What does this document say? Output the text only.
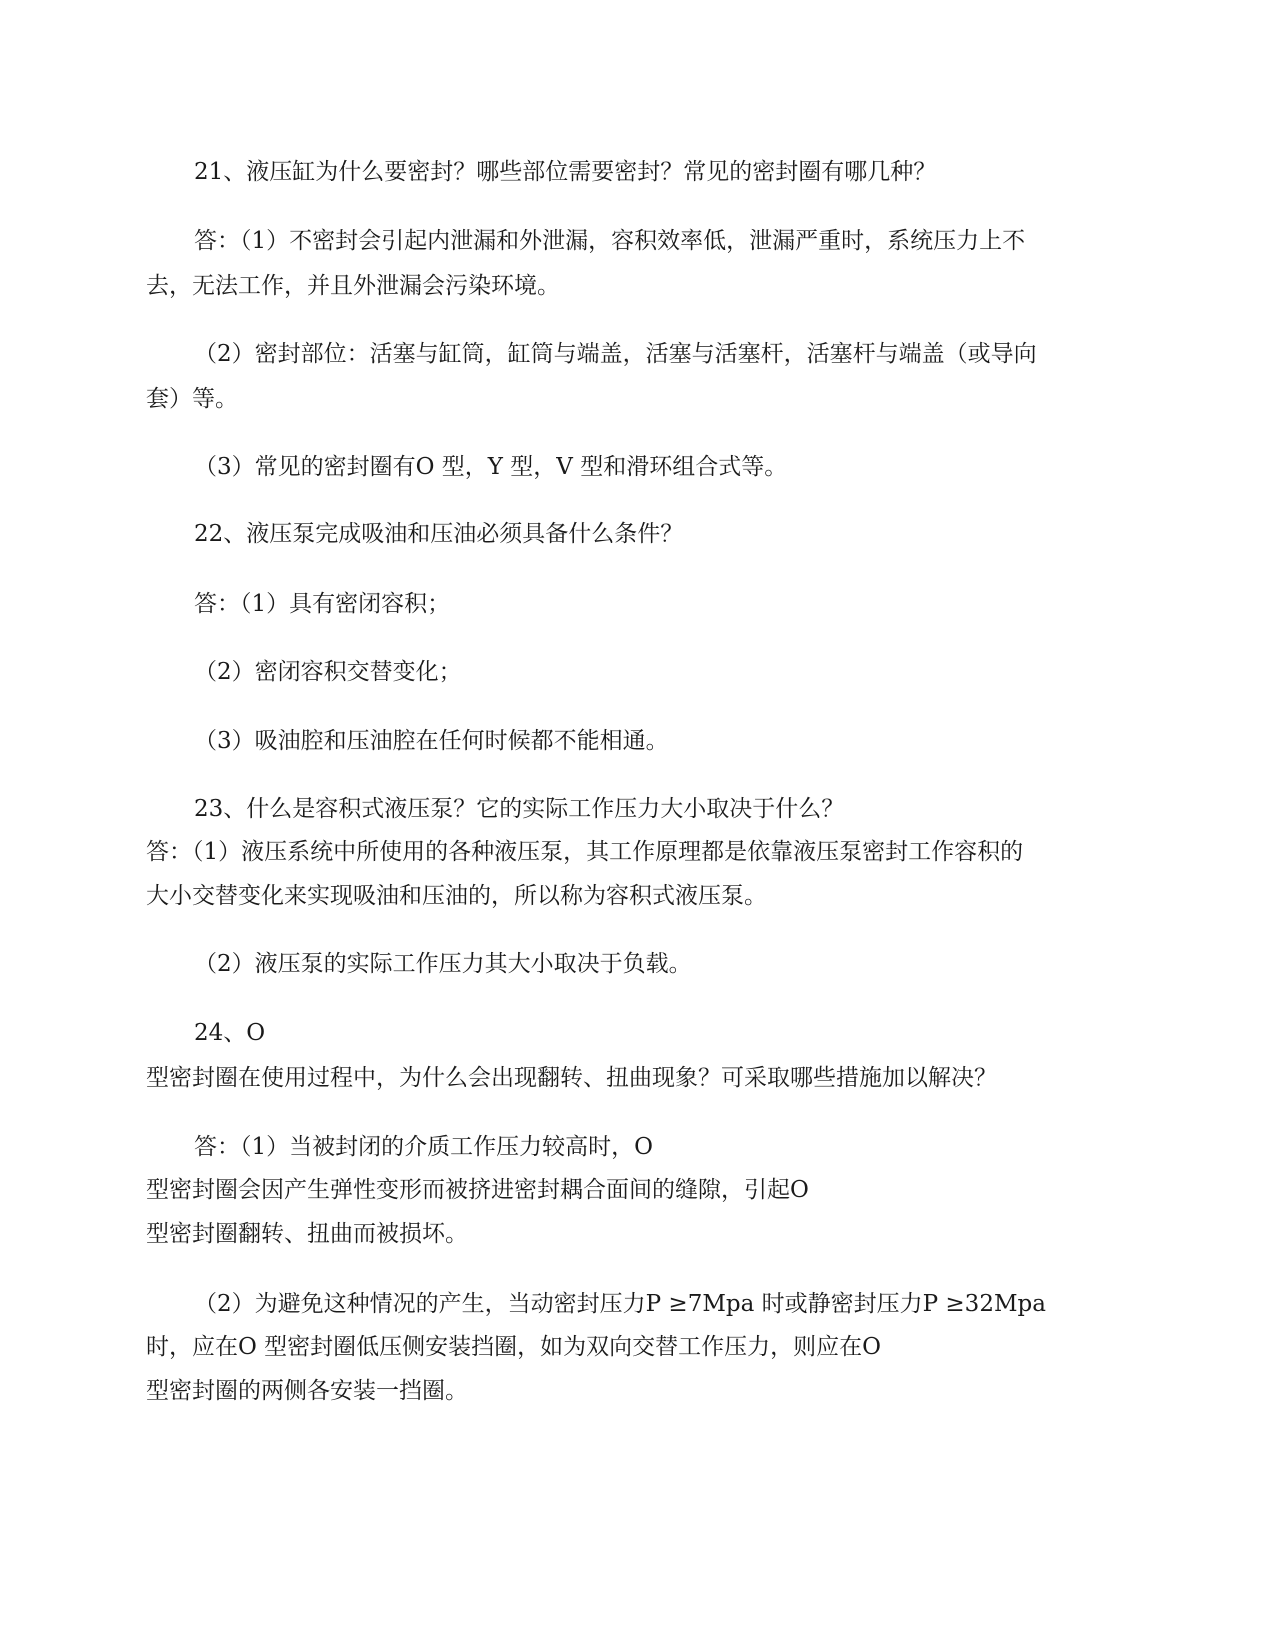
21、液压缸为什么要密封？哪些部位需要密封？常见的密封圈有哪几种？
答：（1）不密封会引起内泄漏和外泄漏，容积效率低，泄漏严重时，系统压力上不
去，无法工作，并且外泄漏会污染环境。
（2）密封部位：活塞与缸筒，缸筒与端盖，活塞与活塞杆，活塞杆与端盖（或导向
套）等。
（3）常见的密封圈有O 型，Y 型，V 型和滑环组合式等。
22、液压泵完成吸油和压油必须具备什么条件？
答：（1）具有密闭容积；
（2）密闭容积交替变化；
（3）吸油腔和压油腔在任何时候都不能相通。
23、什么是容积式液压泵？它的实际工作压力大小取决于什么？
答：（1）液压系统中所使用的各种液压泵，其工作原理都是依靠液压泵密封工作容积的
大小交替变化来实现吸油和压油的，所以称为容积式液压泵。
（2）液压泵的实际工作压力其大小取决于负载。
24、O
型密封圈在使用过程中，为什么会出现翻转、扭曲现象？可采取哪些措施加以解决？
答：（1）当被封闭的介质工作压力较高时，O
型密封圈会因产生弹性变形而被挤进密封耦合面间的缝隙，引起O
型密封圈翻转、扭曲而被损坏。
（2）为避免这种情况的产生，当动密封压力P ≥7Mpa 时或静密封压力P ≥32Mpa
时，应在O 型密封圈低压侧安装挡圈，如为双向交替工作压力，则应在O
型密封圈的两侧各安装一挡圈。
